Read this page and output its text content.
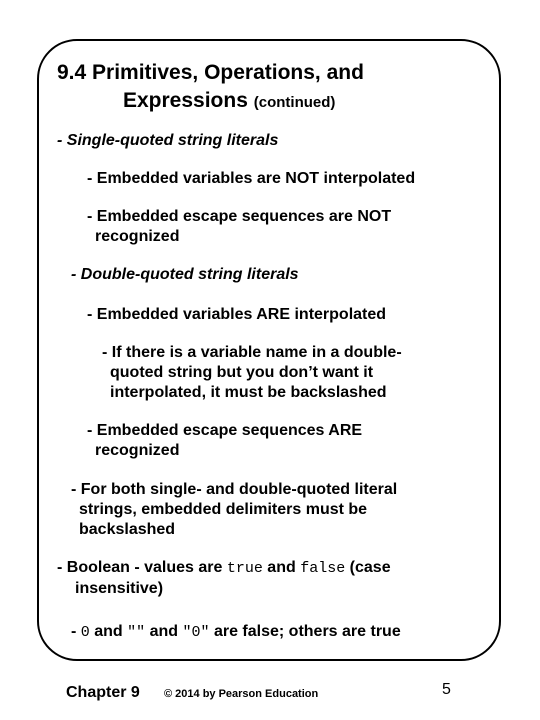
9.4 Primitives, Operations, and
Expressions (continued)
- Single-quoted string literals
- Embedded variables are NOT interpolated
- Embedded escape sequences are NOT
recognized
- Double-quoted string literals
- Embedded variables ARE interpolated
- If there is a variable name in a double-
quoted string but you don’t want it
interpolated, it must be backslashed
- Embedded escape sequences ARE
recognized
- For both single- and double-quoted literal
strings, embedded delimiters must be
backslashed
- Boolean - values are true and false (case
insensitive)
- 0 and "" and "0" are false; others are true
Chapter 9 © 2014 by Pearson Education	5
